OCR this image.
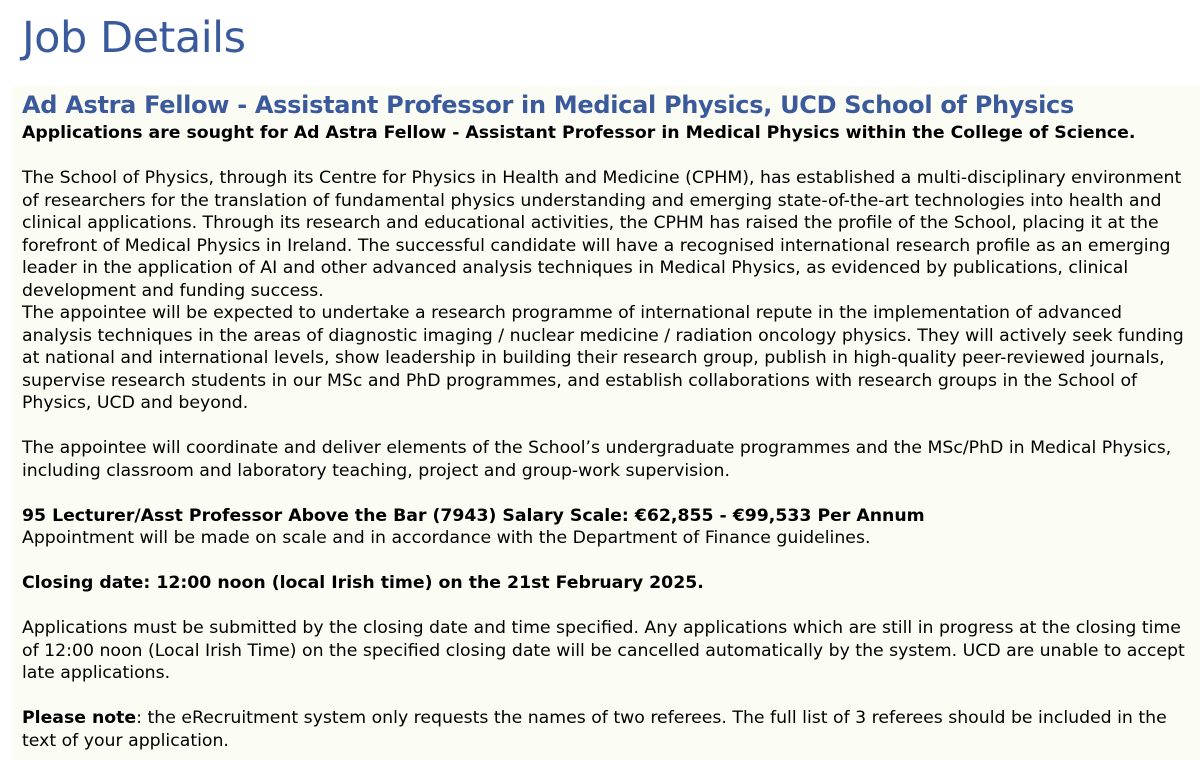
Job Details
Ad Astra Fellow - Assistant Professor in Medical Physics, UCD School of Physics

Applications are sought for Ad Astra Fellow - Assistant Professor in Medical Physics within the College of Science.

The School of Physics, through its Centre for Physics in Health and Medicine (CPHM), has established a multi-disciplinary environment of researchers for the translation of fundamental physics understanding and emerging state-of-the-art technologies into health and clinical applications. Through its research and educational activities, the CPHM has raised the profile of the School, placing it at the forefront of Medical Physics in Ireland. The successful candidate will have a recognised international research profile as an emerging leader in the application of AI and other advanced analysis techniques in Medical Physics, as evidenced by publications, clinical development and funding success.

The appointee will be expected to undertake a research programme of international repute in the implementation of advanced analysis techniques in the areas of diagnostic imaging / nuclear medicine / radiation oncology physics. They will actively seek funding at national and international levels, show leadership in building their research group, publish in high-quality peer-reviewed journals, supervise research students in our MSc and PhD programmes, and establish collaborations with research groups in the School of Physics, UCD and beyond.

The appointee will coordinate and deliver elements of the School’s undergraduate programmes and the MSc/PhD in Medical Physics, including classroom and laboratory teaching, project and group-work supervision.

95 Lecturer/Asst Professor Above the Bar (7943) Salary Scale: €62,855 - €99,533 Per Annum

Appointment will be made on scale and in accordance with the Department of Finance guidelines.

Closing date: 12:00 noon (local Irish time) on the 21st February 2025.

Applications must be submitted by the closing date and time specified. Any applications which are still in progress at the closing time of 12:00 noon (Local Irish Time) on the specified closing date will be cancelled automatically by the system. UCD are unable to accept late applications.

Please note: the eRecruitment system only requests the names of two referees. The full list of 3 referees should be included in the text of your application.
